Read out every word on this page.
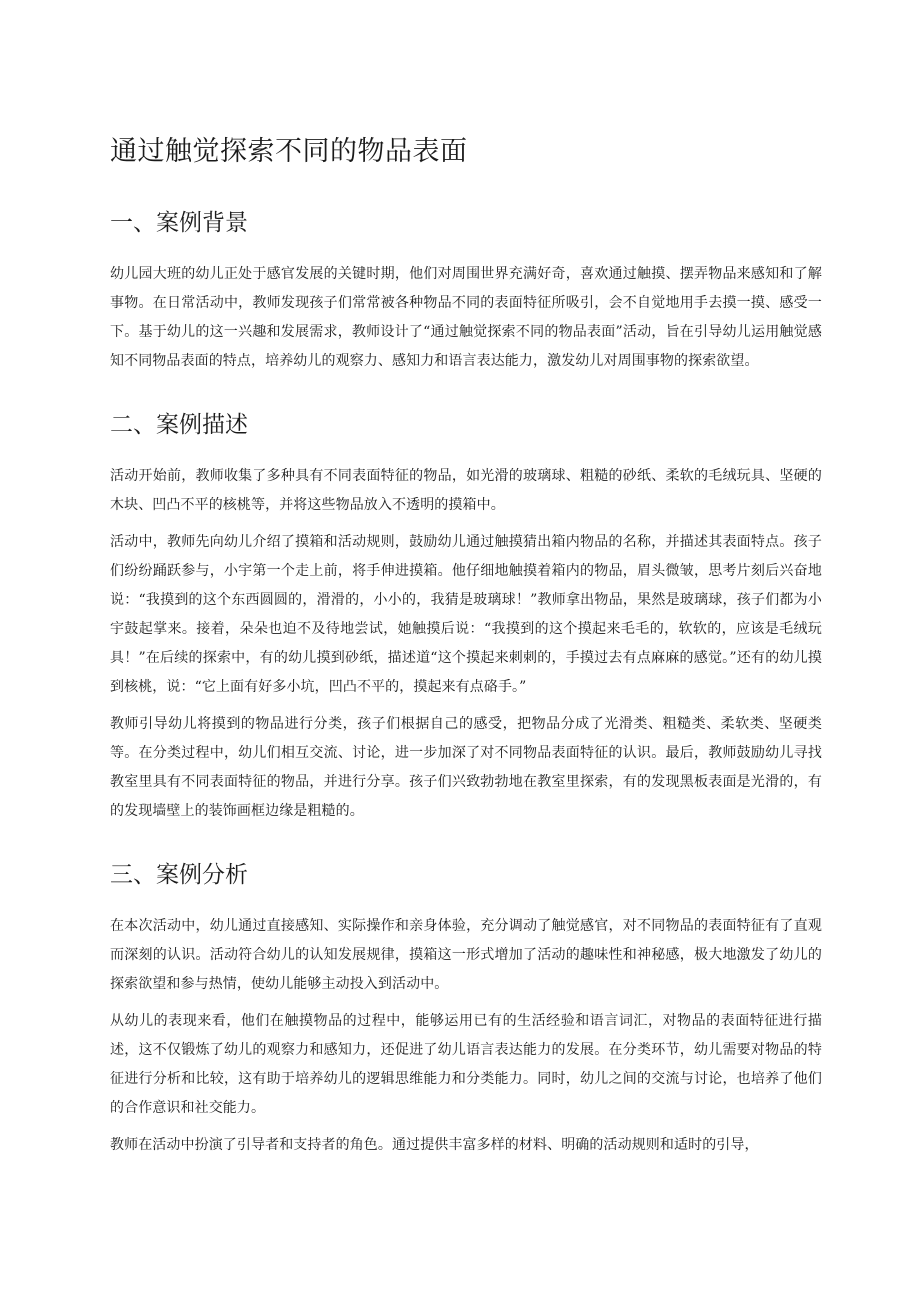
通过触觉探索不同的物品表面
一、案例背景

幼儿园大班的幼儿正处于感官发展的关键时期，他们对周围世界充满好奇，喜欢通过触摸、摆弄物品来感知和了解事物。在日常活动中，教师发现孩子们常常被各种物品不同的表面特征所吸引，会不自觉地用手去摸一摸、感受一下。基于幼儿的这一兴趣和发展需求，教师设计了“通过触觉探索不同的物品表面”活动，旨在引导幼儿运用触觉感知不同物品表面的特点，培养幼儿的观察力、感知力和语言表达能力，激发幼儿对周围事物的探索欲望。

二、案例描述

活动开始前，教师收集了多种具有不同表面特征的物品，如光滑的玻璃球、粗糙的砂纸、柔软的毛绒玩具、坚硬的木块、凹凸不平的核桃等，并将这些物品放入不透明的摸箱中。

活动中，教师先向幼儿介绍了摸箱和活动规则，鼓励幼儿通过触摸猜出箱内物品的名称，并描述其表面特点。孩子们纷纷踊跃参与，小宇第一个走上前，将手伸进摸箱。他仔细地触摸着箱内的物品，眉头微皱，思考片刻后兴奋地说：“我摸到的这个东西圆圆的，滑滑的，小小的，我猜是玻璃球！”教师拿出物品，果然是玻璃球，孩子们都为小宇鼓起掌来。接着，朵朵也迫不及待地尝试，她触摸后说：“我摸到的这个摸起来毛毛的，软软的，应该是毛绒玩具！”在后续的探索中，有的幼儿摸到砂纸，描述道“这个摸起来刺刺的，手摸过去有点麻麻的感觉。”还有的幼儿摸到核桃，说：“它上面有好多小坑，凹凸不平的，摸起来有点硌手。”

教师引导幼儿将摸到的物品进行分类，孩子们根据自己的感受，把物品分成了光滑类、粗糙类、柔软类、坚硬类等。在分类过程中，幼儿们相互交流、讨论，进一步加深了对不同物品表面特征的认识。最后，教师鼓励幼儿寻找教室里具有不同表面特征的物品，并进行分享。孩子们兴致勃勃地在教室里探索，有的发现黑板表面是光滑的，有的发现墙壁上的装饰画框边缘是粗糙的。

三、案例分析

在本次活动中，幼儿通过直接感知、实际操作和亲身体验，充分调动了触觉感官，对不同物品的表面特征有了直观而深刻的认识。活动符合幼儿的认知发展规律，摸箱这一形式增加了活动的趣味性和神秘感，极大地激发了幼儿的探索欲望和参与热情，使幼儿能够主动投入到活动中。

从幼儿的表现来看，他们在触摸物品的过程中，能够运用已有的生活经验和语言词汇，对物品的表面特征进行描述，这不仅锻炼了幼儿的观察力和感知力，还促进了幼儿语言表达能力的发展。在分类环节，幼儿需要对物品的特征进行分析和比较，这有助于培养幼儿的逻辑思维能力和分类能力。同时，幼儿之间的交流与讨论，也培养了他们的合作意识和社交能力。

教师在活动中扮演了引导者和支持者的角色。通过提供丰富多样的材料、明确的活动规则和适时的引导，
